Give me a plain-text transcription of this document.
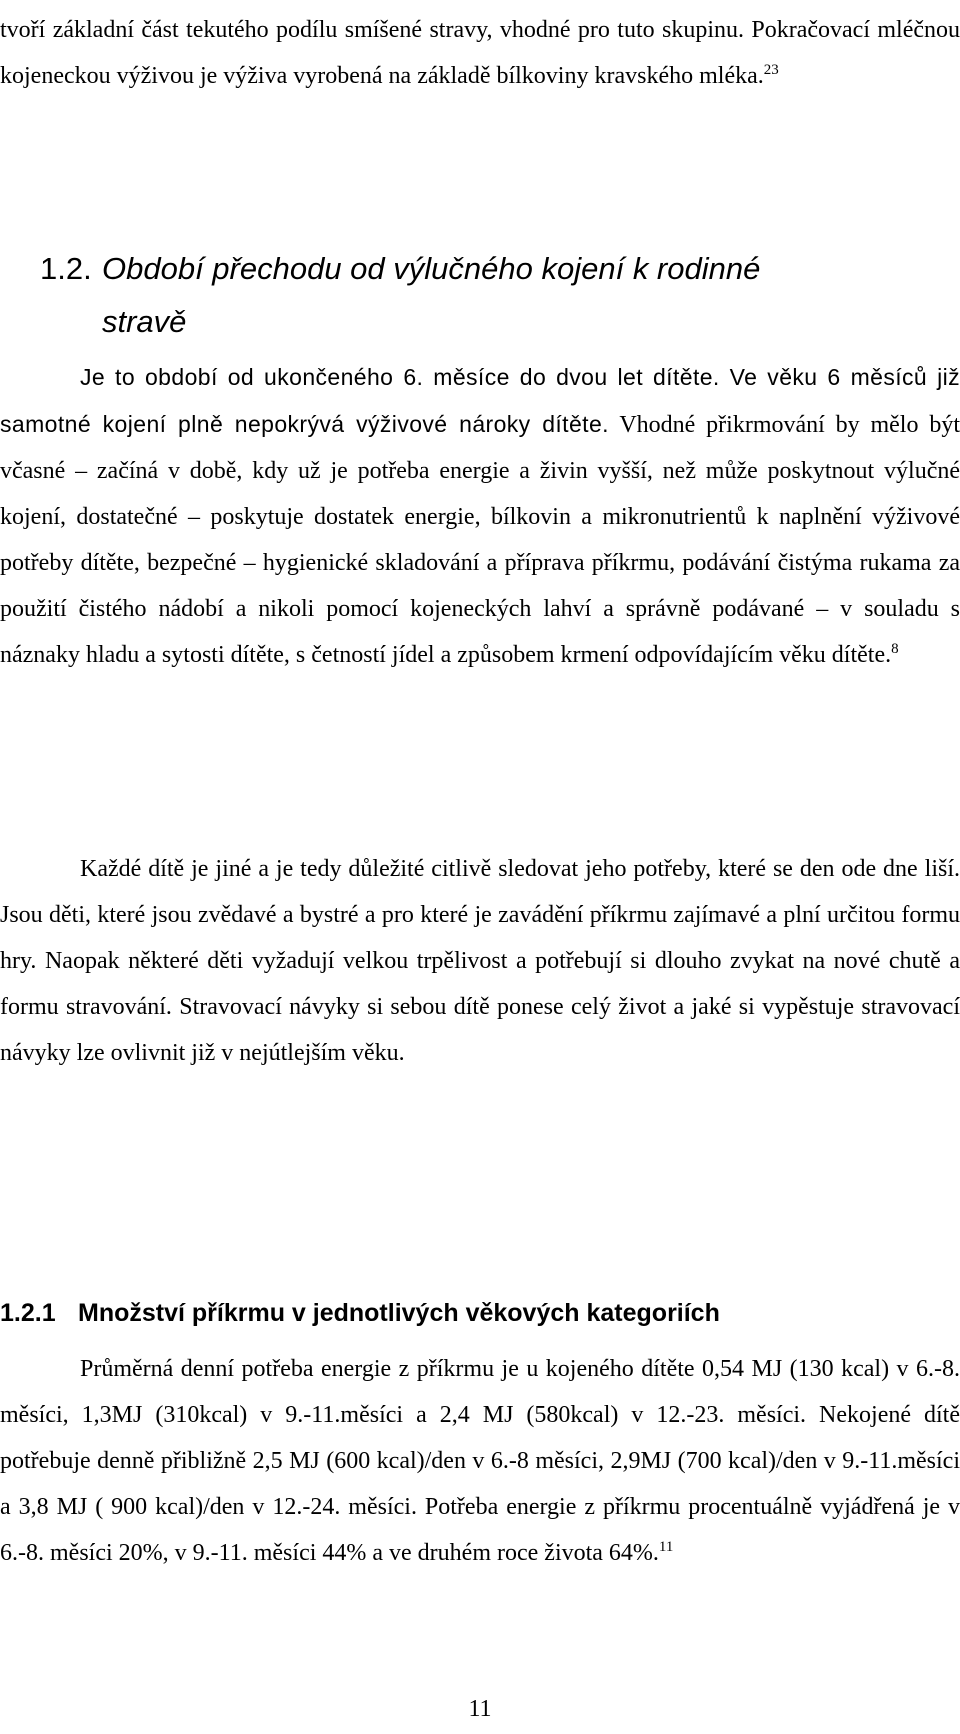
tvoří základní část tekutého podílu smíšené stravy, vhodné pro tuto skupinu. Pokračovací mléčnou kojeneckou výživou je výživa vyrobená na základě bílkoviny kravského mléka.$^{23}$

1.2. Období přechodu od výlučného kojení k rodinné
stravě

Je to období od ukončeného 6. měsíce do dvou let dítěte. Ve věku 6 měsíců již samotné kojení plně nepokrývá výživové nároky dítěte. Vhodné přikrmování by mělo být včasné – začíná v době, kdy už je potřeba energie a živin vyšší, než může poskytnout výlučné kojení, dostatečné – poskytuje dostatek energie, bílkovin a mikronutrientů k naplnění výživové potřeby dítěte, bezpečné – hygienické skladování a příprava příkrmu, podávání čistýma rukama za použití čistého nádobí a nikoli pomocí kojeneckých lahví a správně podávané – v souladu s náznaky hladu a sytosti dítěte, s četností jídel a způsobem krmení odpovídajícím věku dítěte.$^8$

Každé dítě je jiné a je tedy důležité citlivě sledovat jeho potřeby, které se den ode dne liší. Jsou děti, které jsou zvědavé a bystré a pro které je zavádění příkrmu zajímavé a plní určitou formu hry. Naopak některé děti vyžadují velkou trpělivost a potřebují si dlouho zvykat na nové chutě a formu stravování. Stravovací návyky si sebou dítě ponese celý život a jaké si vypěstuje stravovací návyky lze ovlivnit již v nejútlejším věku.

1.2.1 Množství příkrmu v jednotlivých věkových kategoriích

Průměrná denní potřeba energie z příkrmu je u kojeného dítěte 0,54 MJ (130 kcal) v 6.-8. měsíci, 1,3MJ (310kcal) v 9.-11.měsíci a 2,4 MJ (580kcal) v 12.-23. měsíci. Nekojené dítě potřebuje denně přibližně 2,5 MJ (600 kcal)/den v 6.-8 měsíci, 2,9MJ (700 kcal)/den v 9.-11.měsíci a 3,8 MJ ( 900 kcal)/den v 12.-24. měsíci. Potřeba energie z příkrmu procentuálně vyjádřená je v 6.-8. měsíci 20%, v 9.-11. měsíci 44% a ve druhém roce života 64%.$^{11}$

11
